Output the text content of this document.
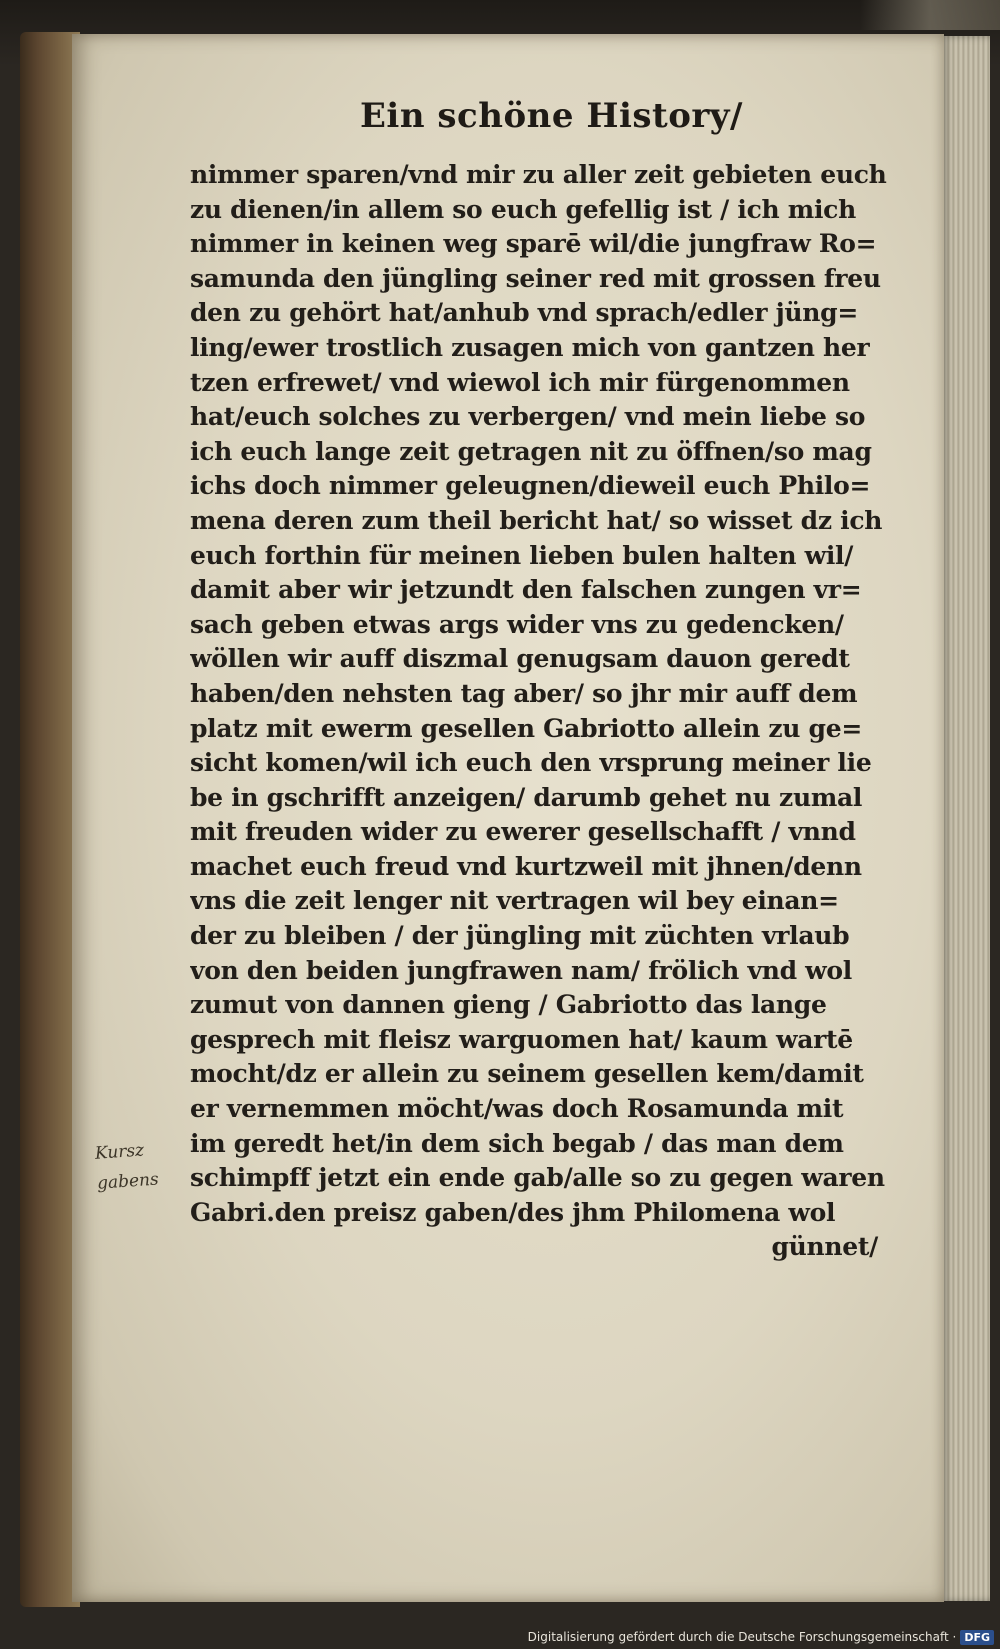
Ein schöne History/
nimmer sparen/vnd mir zu aller zeit gebieten euch
zu dienen/in allem so euch gefellig ist / ich mich
nimmer in keinen weg sparē wil/die jungfraw Ro=
samunda den jüngling seiner red mit grossen freu
den zu gehört hat/anhub vnd sprach/edler jüng=
ling/ewer trostlich zusagen mich von gantzen her
tzen erfrewet/ vnd wiewol ich mir fürgenommen
hat/euch solches zu verbergen/ vnd mein liebe so
ich euch lange zeit getragen nit zu öffnen/so mag
ichs doch nimmer geleugnen/dieweil euch Philo=
mena deren zum theil bericht hat/ so wisset dz ich
euch forthin für meinen lieben bulen halten wil/
damit aber wir jetzundt den falschen zungen vr=
sach geben etwas args wider vns zu gedencken/
wöllen wir auff diszmal genugsam dauon geredt
haben/den nehsten tag aber/ so jhr mir auff dem
platz mit ewerm gesellen Gabriotto allein zu ge=
sicht komen/wil ich euch den vrsprung meiner lie
be in gschrifft anzeigen/ darumb gehet nu zumal
mit freuden wider zu ewerer gesellschafft / vnnd
machet euch freud vnd kurtzweil mit jhnen/denn
vns die zeit lenger nit vertragen wil bey einan=
der zu bleiben / der jüngling mit züchten vrlaub
von den beiden jungfrawen nam/ frölich vnd wol
zumut von dannen gieng / Gabriotto das lange
gesprech mit fleisz warguomen hat/ kaum wartē
mocht/dz er allein zu seinem gesellen kem/damit
er vernemmen möcht/was doch Rosamunda mit
im geredt het/in dem sich begab / das man dem
schimpff jetzt ein ende gab/alle so zu gegen waren
Gabri.den preisz gaben/des jhm Philomena wol
günnet/
Kursz gabens
Digitalisierung gefördert durch die Deutsche Forschungsgemeinschaft · DFG
